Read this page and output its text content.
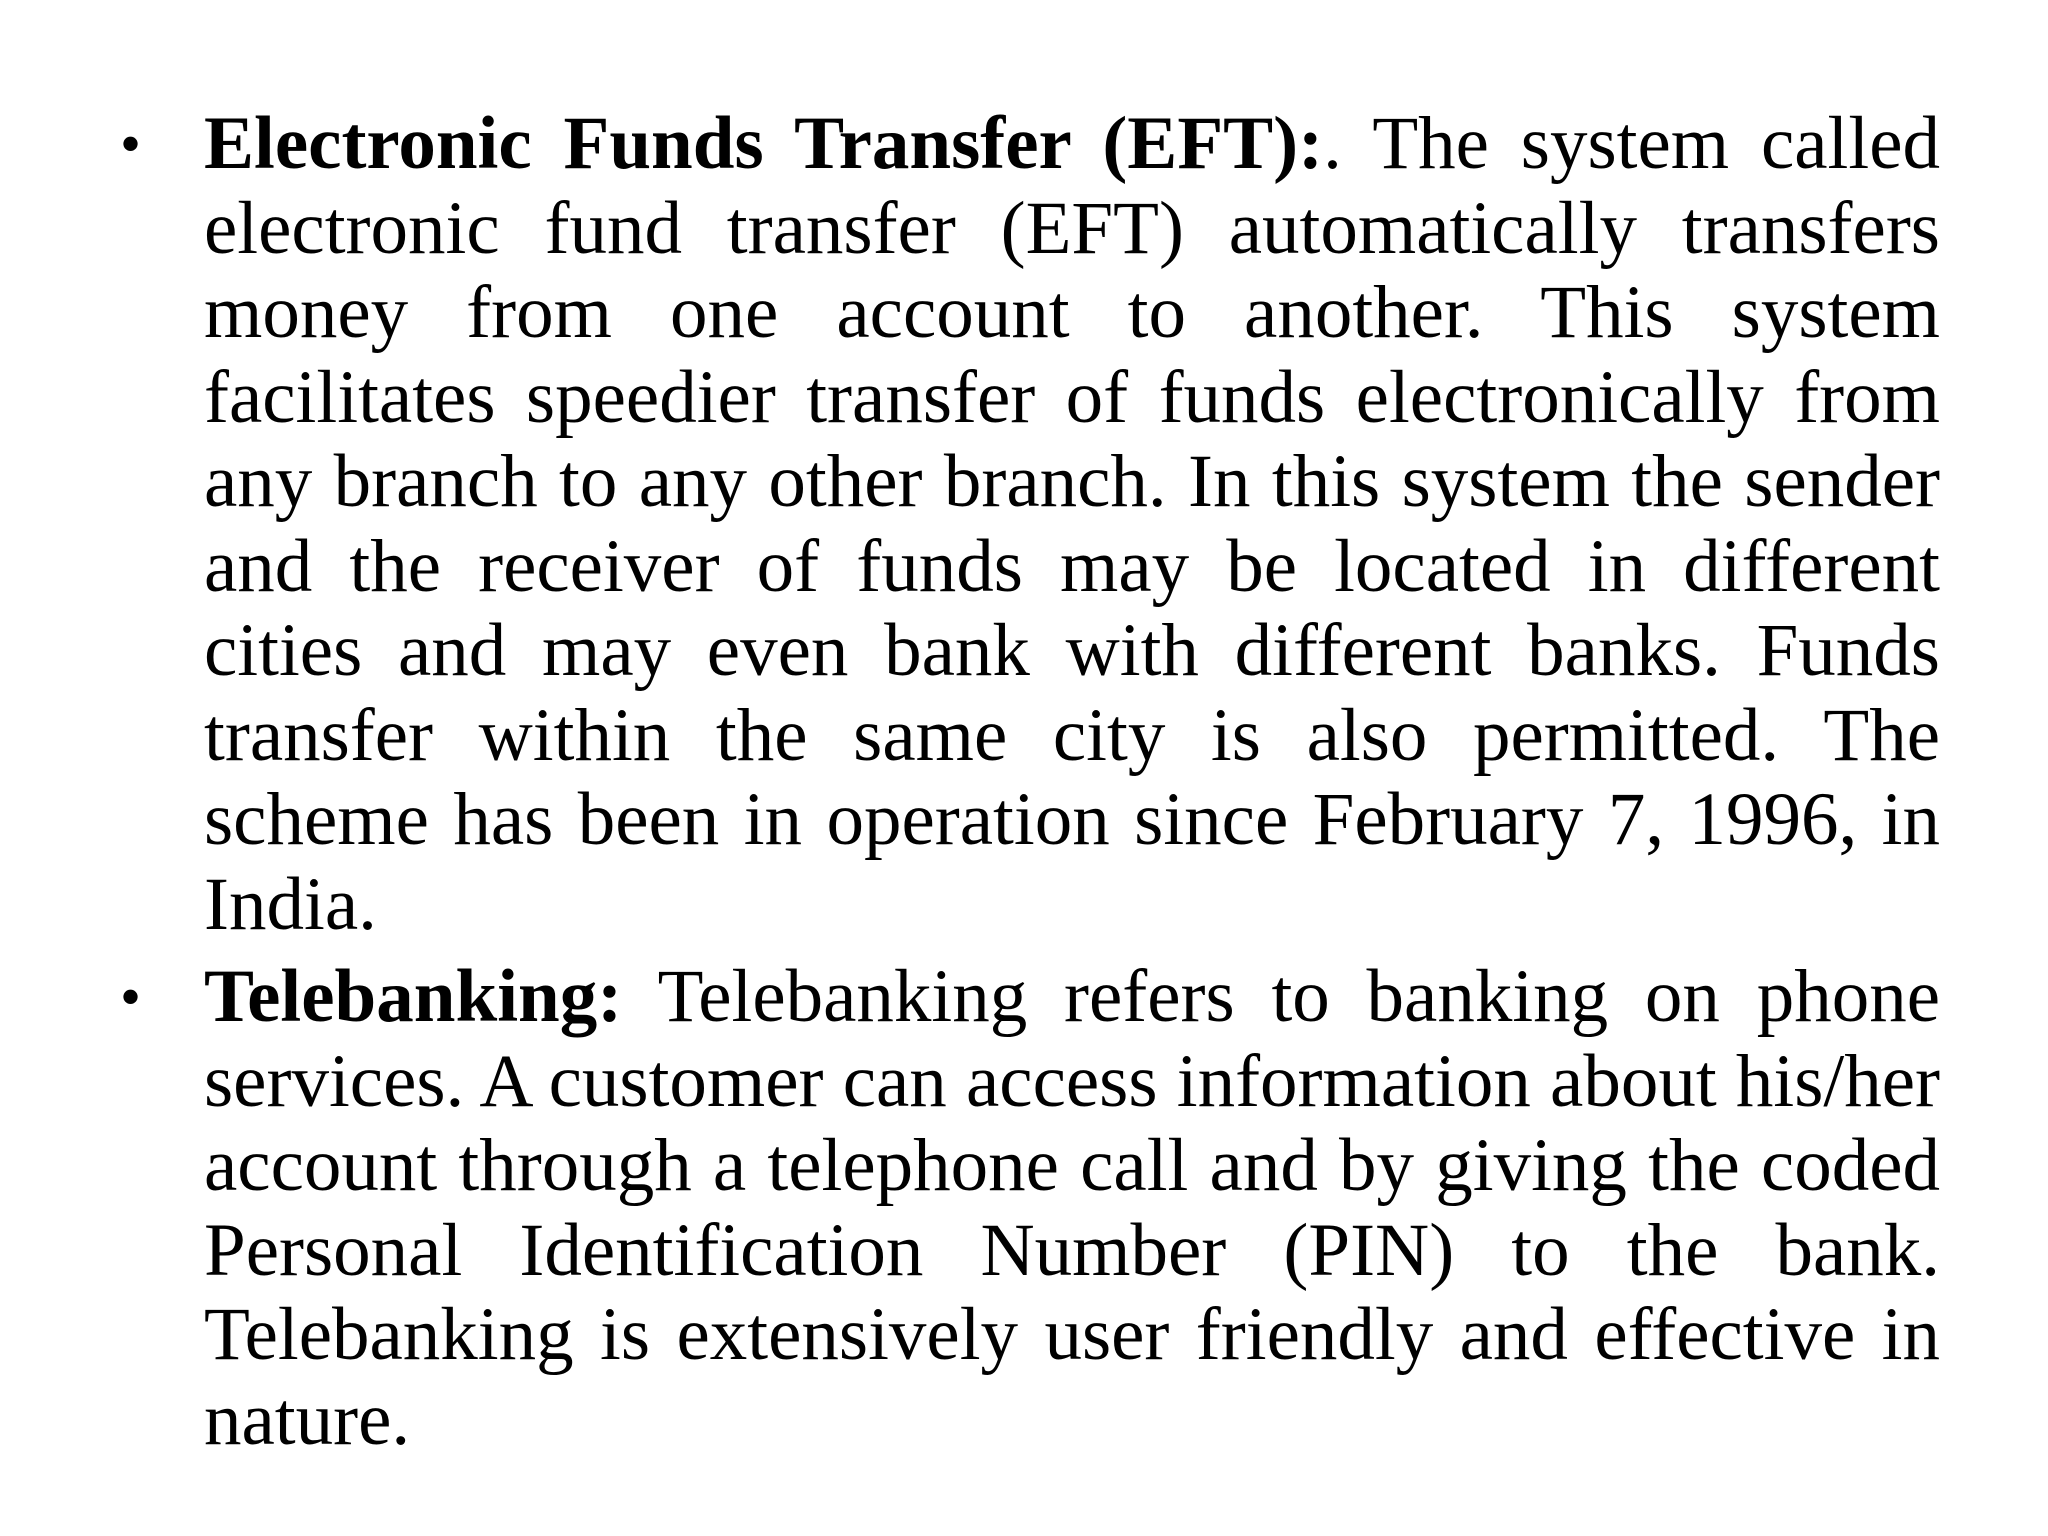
• Electronic Funds Transfer (EFT):. The system called electronic fund transfer (EFT) automatically transfers money from one account to another. This system facilitates speedier transfer of funds electronically from any branch to any other branch. In this system the sender and the receiver of funds may be located in different cities and may even bank with different banks. Funds transfer within the same city is also permitted. The scheme has been in operation since February 7, 1996, in India.

• Telebanking: Telebanking refers to banking on phone services. A customer can access information about his/her account through a telephone call and by giving the coded Personal Identification Number (PIN) to the bank. Telebanking is extensively user friendly and effective in nature.
